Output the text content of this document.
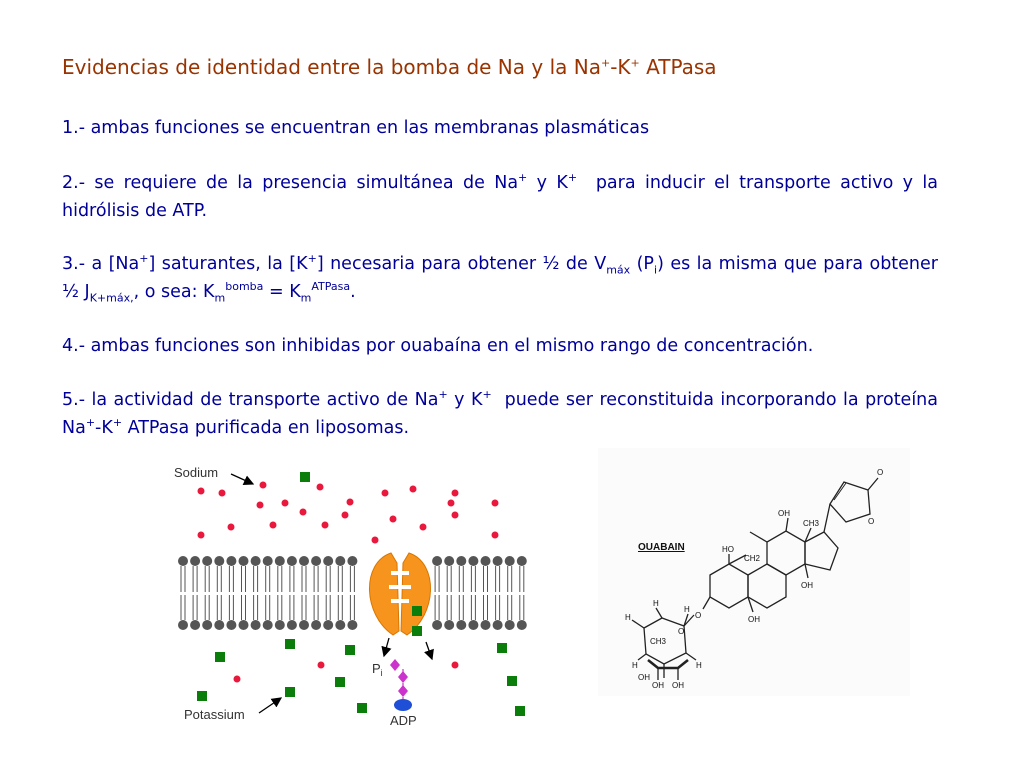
Evidencias de identidad entre la bomba de Na y la Na+-K+ ATPasa
1.- ambas funciones se encuentran en las membranas plasmáticas
2.- se requiere de la presencia simultánea de Na+ y K+  para inducir el transporte activo y la hidrólisis de ATP.
3.- a [Na+] saturantes, la [K+] necesaria para obtener ½ de $V_{máx}$ $(P_i)$ es la misma que para obtener ½ $J_{K+máx,}$, o sea: $K_m^{bomba} = K_m^{ATPasa}$.
4.- ambas funciones son inhibidas por ouabaína en el mismo rango de concentración.
5.- la actividad de transporte activo de Na+ y K+  puede ser reconstituida incorporando la proteína Na+-K+ ATPasa purificada en liposomas.
Sodium
$P_i$
ADP
Potassium
OUABAIN
OH
CH3
HO
CH2
OH
OH
O
O
O
CH3
H
H
H
H	H
O
OH OH
OH
